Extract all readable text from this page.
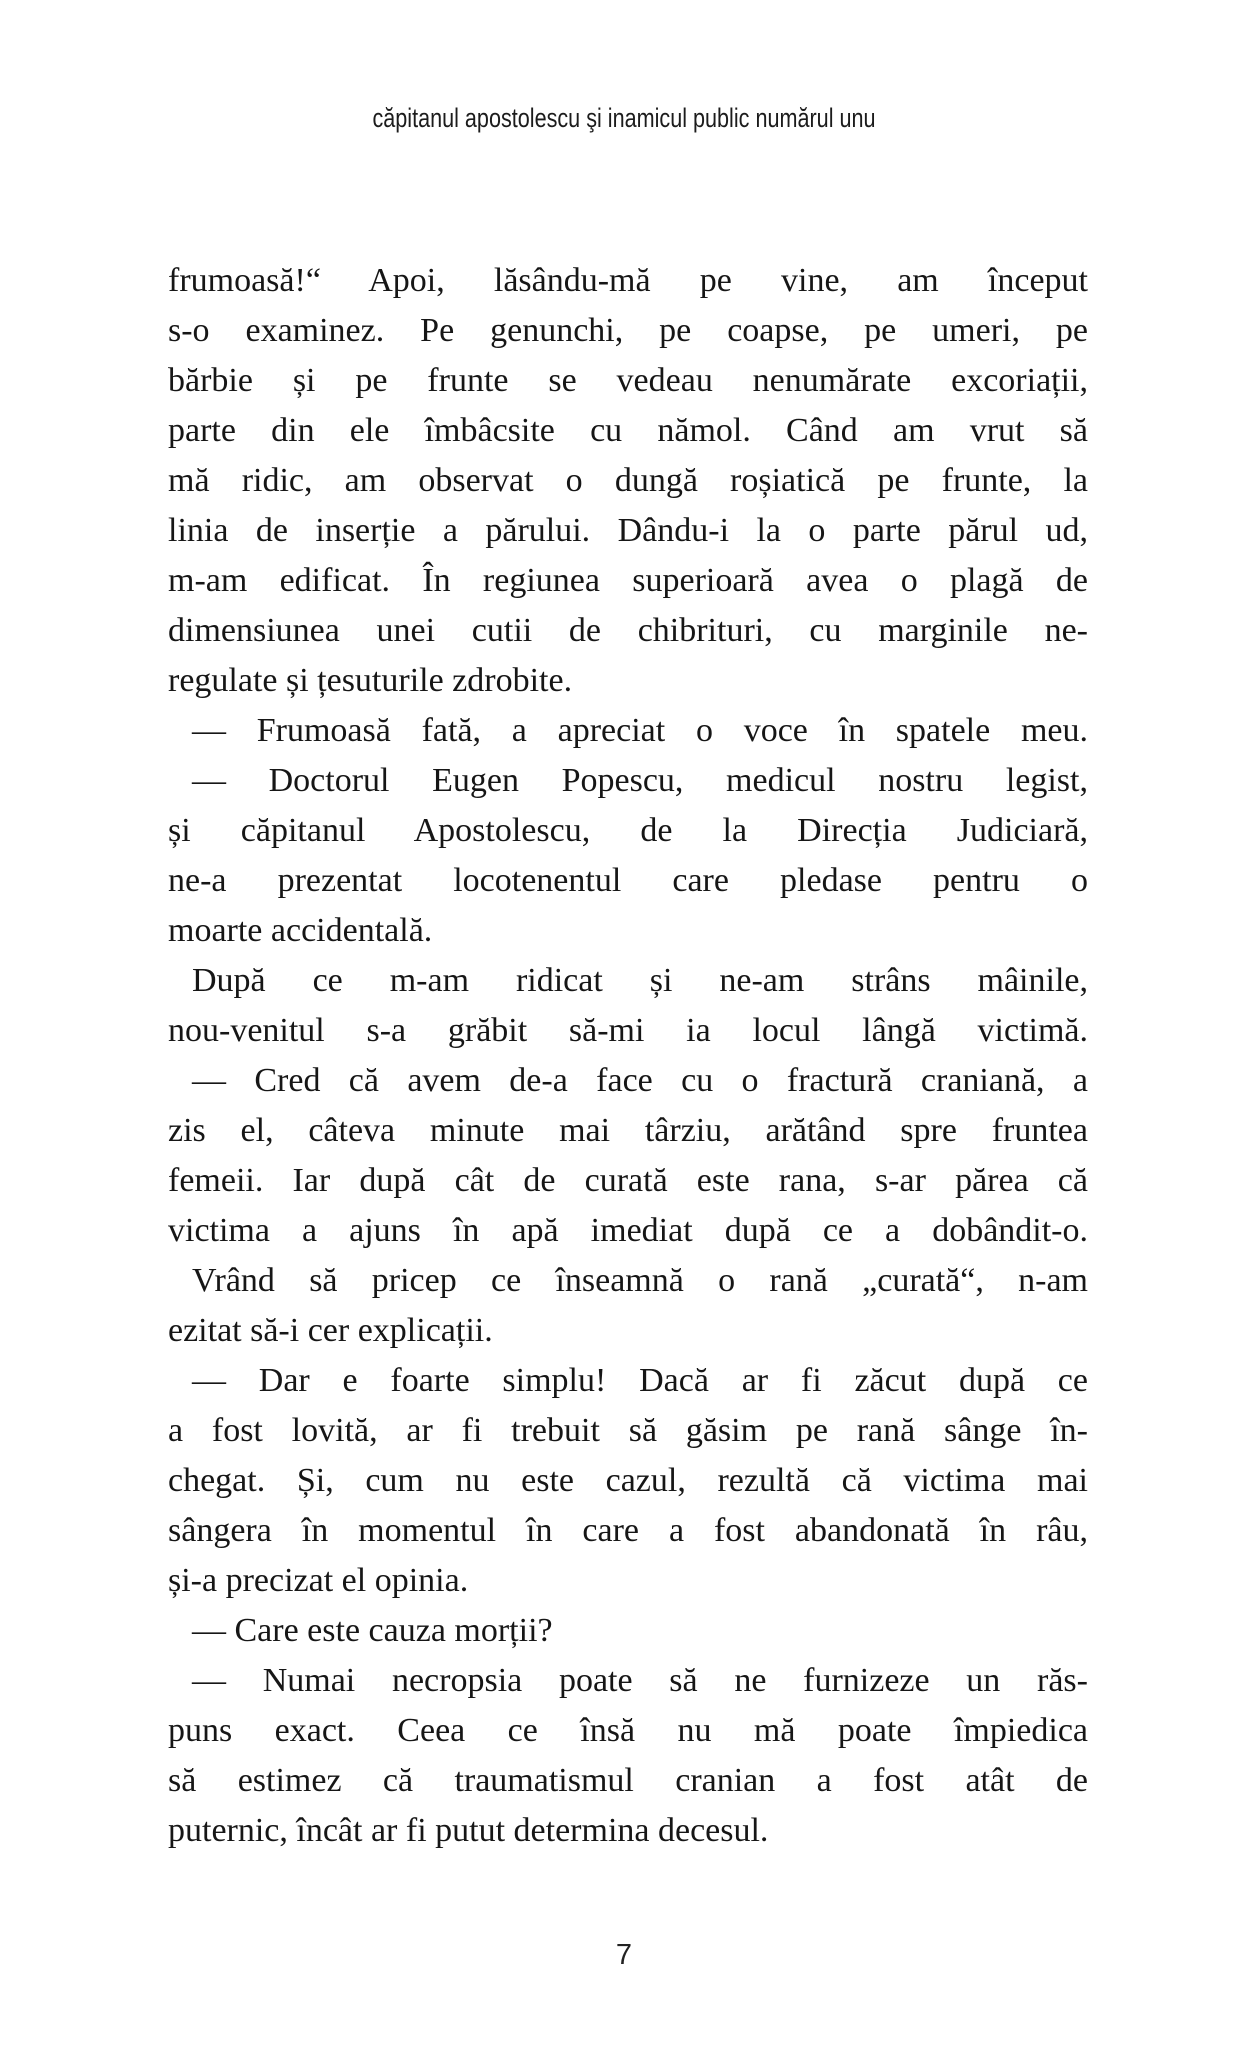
căpitanul apostolescu şi inamicul public numărul unu
frumoasă!“ Apoi, lăsându-mă pe vine, am început
s-o examinez. Pe genunchi, pe coapse, pe umeri, pe
bărbie și pe frunte se vedeau nenumărate excoriații,
parte din ele îmbâcsite cu nămol. Când am vrut să
mă ridic, am observat o dungă roșiatică pe frunte, la
linia de inserție a părului. Dându-i la o parte părul ud,
m-am edificat. În regiunea superioară avea o plagă de
dimensiunea unei cutii de chibrituri, cu marginile ne-
regulate și țesuturile zdrobite.
— Frumoasă fată, a apreciat o voce în spatele meu.
— Doctorul Eugen Popescu, medicul nostru legist,
și căpitanul Apostolescu, de la Direcția Judiciară,
ne-a prezentat locotenentul care pledase pentru o
moarte accidentală.
După ce m-am ridicat și ne-am strâns mâinile,
nou-venitul s-a grăbit să-mi ia locul lângă victimă.
— Cred că avem de-a face cu o fractură craniană, a
zis el, câteva minute mai târziu, arătând spre fruntea
femeii. Iar după cât de curată este rana, s-ar părea că
victima a ajuns în apă imediat după ce a dobândit-o.
Vrând să pricep ce înseamnă o rană „curată“, n-am
ezitat să-i cer explicații.
— Dar e foarte simplu! Dacă ar fi zăcut după ce
a fost lovită, ar fi trebuit să găsim pe rană sânge în-
chegat. Și, cum nu este cazul, rezultă că victima mai
sângera în momentul în care a fost abandonată în râu,
și-a precizat el opinia.
— Care este cauza morții?
— Numai necropsia poate să ne furnizeze un răs-
puns exact. Ceea ce însă nu mă poate împiedica
să estimez că traumatismul cranian a fost atât de
puternic, încât ar fi putut determina decesul.
7
